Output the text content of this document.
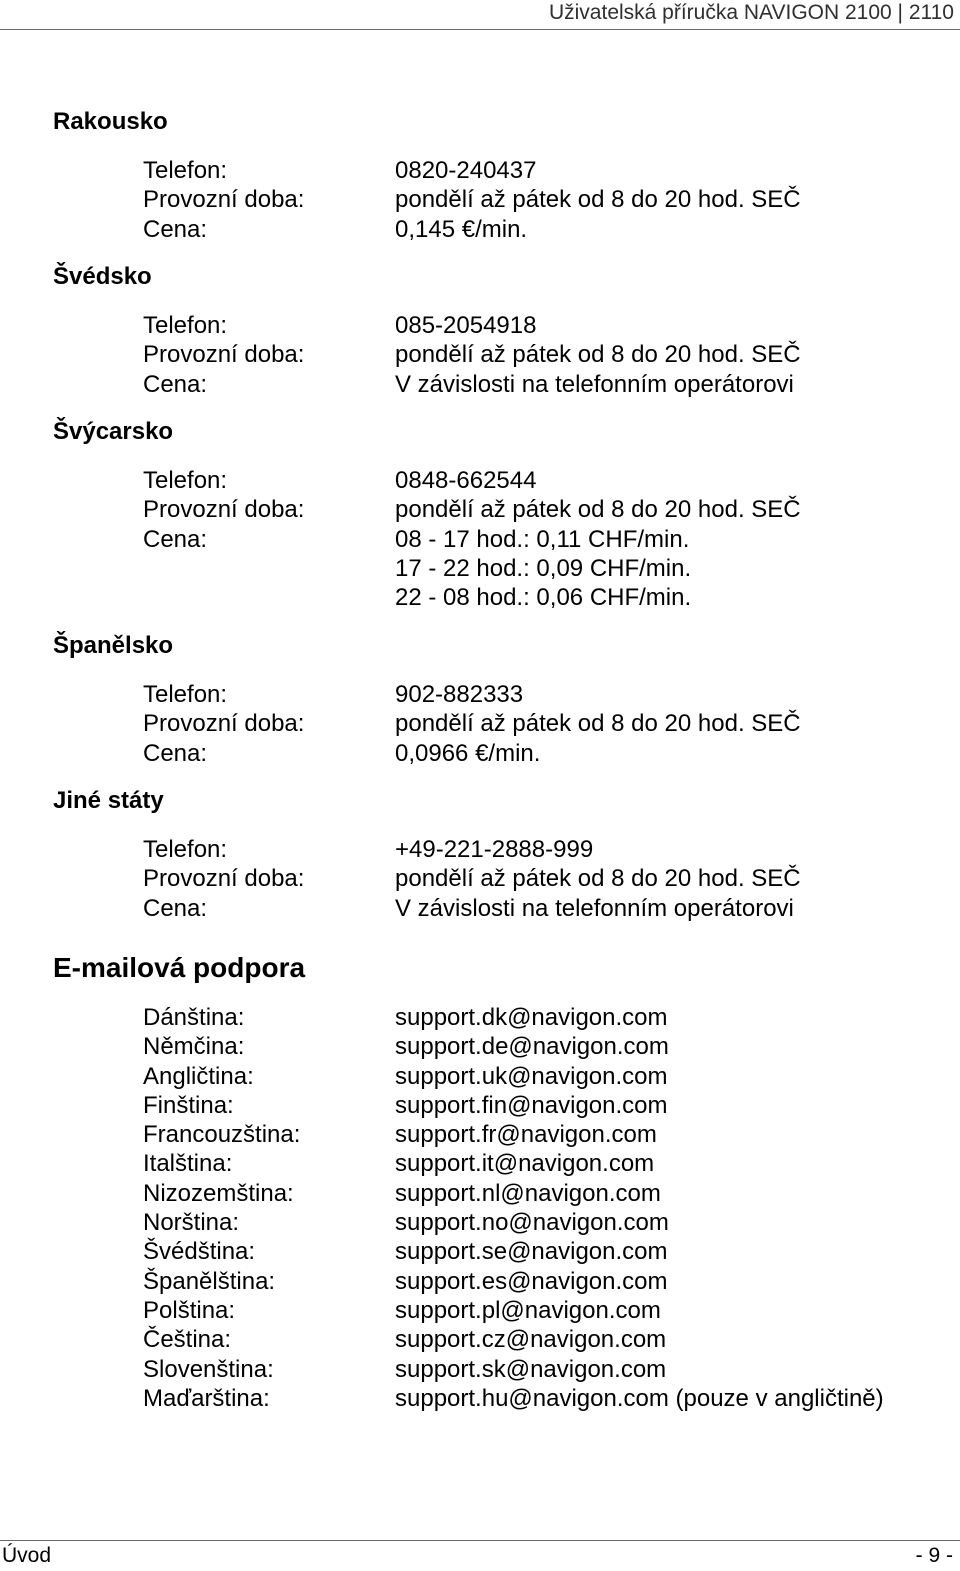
Uživatelská příručka NAVIGON 2100 | 2110
Rakousko
Telefon:	0820-240437
Provozní doba:	pondělí až pátek od 8 do 20 hod. SEČ
Cena:	0,145 €/min.
Švédsko
Telefon:	085-2054918
Provozní doba:	pondělí až pátek od 8 do 20 hod. SEČ
Cena:	V závislosti na telefonním operátorovi
Švýcarsko
Telefon:	0848-662544
Provozní doba:	pondělí až pátek od 8 do 20 hod. SEČ
Cena:	08 - 17 hod.: 0,11 CHF/min.
17 - 22 hod.: 0,09 CHF/min.
22 - 08 hod.: 0,06 CHF/min.
Španělsko
Telefon:	902-882333
Provozní doba:	pondělí až pátek od 8 do 20 hod. SEČ
Cena:	0,0966 €/min.
Jiné státy
Telefon:	+49-221-2888-999
Provozní doba:	pondělí až pátek od 8 do 20 hod. SEČ
Cena:	V závislosti na telefonním operátorovi
E-mailová podpora
Dánština:	support.dk@navigon.com
Němčina:	support.de@navigon.com
Angličtina:	support.uk@navigon.com
Finština:	support.fin@navigon.com
Francouzština:	support.fr@navigon.com
Italština:	support.it@navigon.com
Nizozemština:	support.nl@navigon.com
Norština:	support.no@navigon.com
Švédština:	support.se@navigon.com
Španělština:	support.es@navigon.com
Polština:	support.pl@navigon.com
Čeština:	support.cz@navigon.com
Slovenština:	support.sk@navigon.com
Maďarština:	support.hu@navigon.com (pouze v angličtině)
Úvod	- 9 -
